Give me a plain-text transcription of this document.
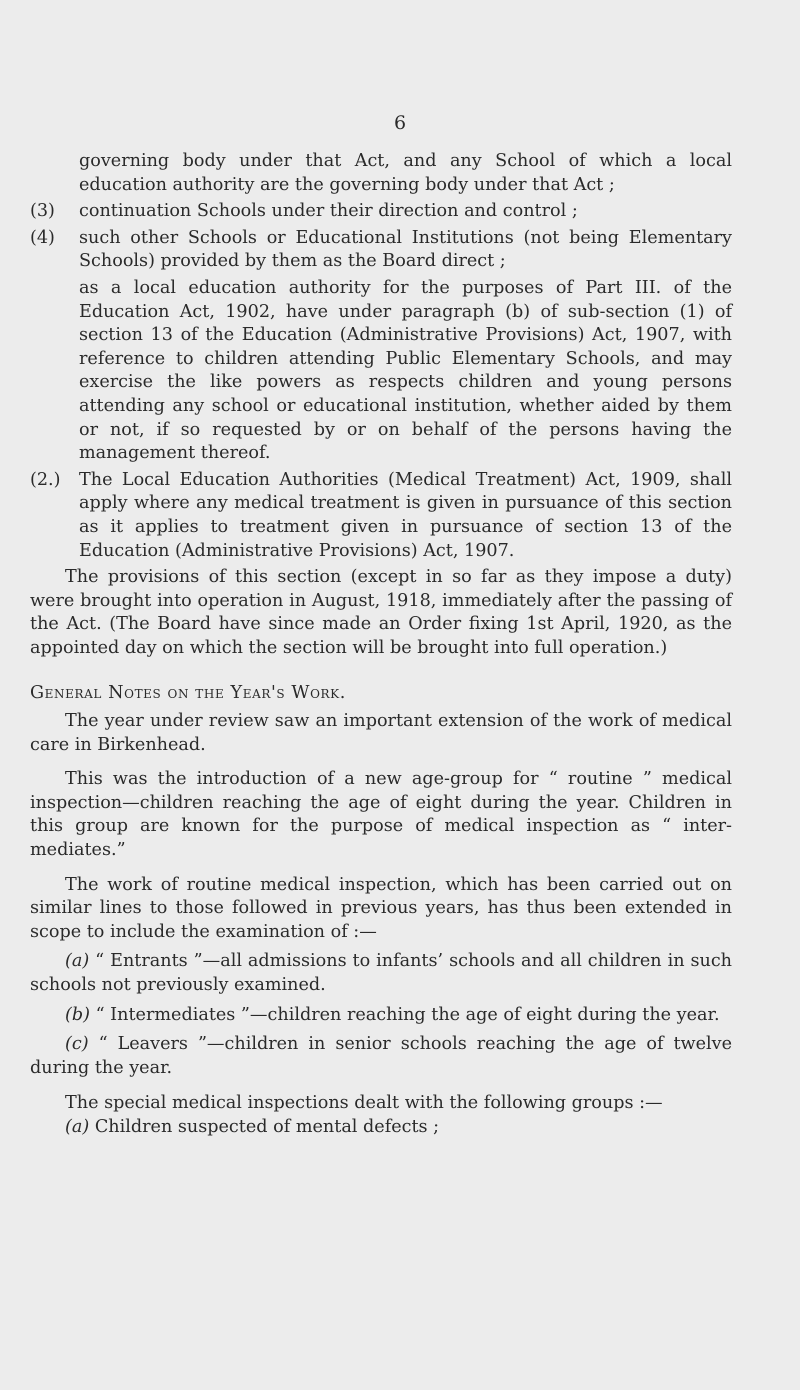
6

governing body under that Act, and any School of which a local education authority are the governing body under that Act ;

(3) continuation Schools under their direction and control ;

(4) such other Schools or Educational Institutions (not being Elementary Schools) provided by them as the Board direct ;

as a local education authority for the purposes of Part III. of the Education Act, 1902, have under paragraph (b) of sub-section (1) of section 13 of the Education (Administrative Provisions) Act, 1907, with reference to children attending Public Elementary Schools, and may exercise the like powers as respects children and young persons attending any school or educational institution, whether aided by them or not, if so requested by or on behalf of the persons having the management thereof.

(2.) The Local Education Authorities (Medical Treatment) Act, 1909, shall apply where any medical treatment is given in pursuance of this section as it applies to treatment given in pursuance of section 13 of the Education (Administrative Provisions) Act, 1907.

The provisions of this section (except in so far as they impose a duty) were brought into operation in August, 1918, immediately after the passing of the Act. (The Board have since made an Order fixing 1st April, 1920, as the appointed day on which the section will be brought into full operation.)

General Notes on the Year's Work.

The year under review saw an important extension of the work of medical care in Birkenhead.

This was the introduction of a new age-group for “ routine ” medical inspection—children reaching the age of eight during the year. Children in this group are known for the purpose of medical inspection as “ inter-mediates.”

The work of routine medical inspection, which has been carried out on similar lines to those followed in previous years, has thus been extended in scope to include the examination of :—

(a) “ Entrants ”—all admissions to infants’ schools and all children in such schools not previously examined.

(b) “ Intermediates ”—children reaching the age of eight during the year.

(c) “ Leavers ”—children in senior schools reaching the age of twelve during the year.

The special medical inspections dealt with the following groups :—

(a) Children suspected of mental defects ;
